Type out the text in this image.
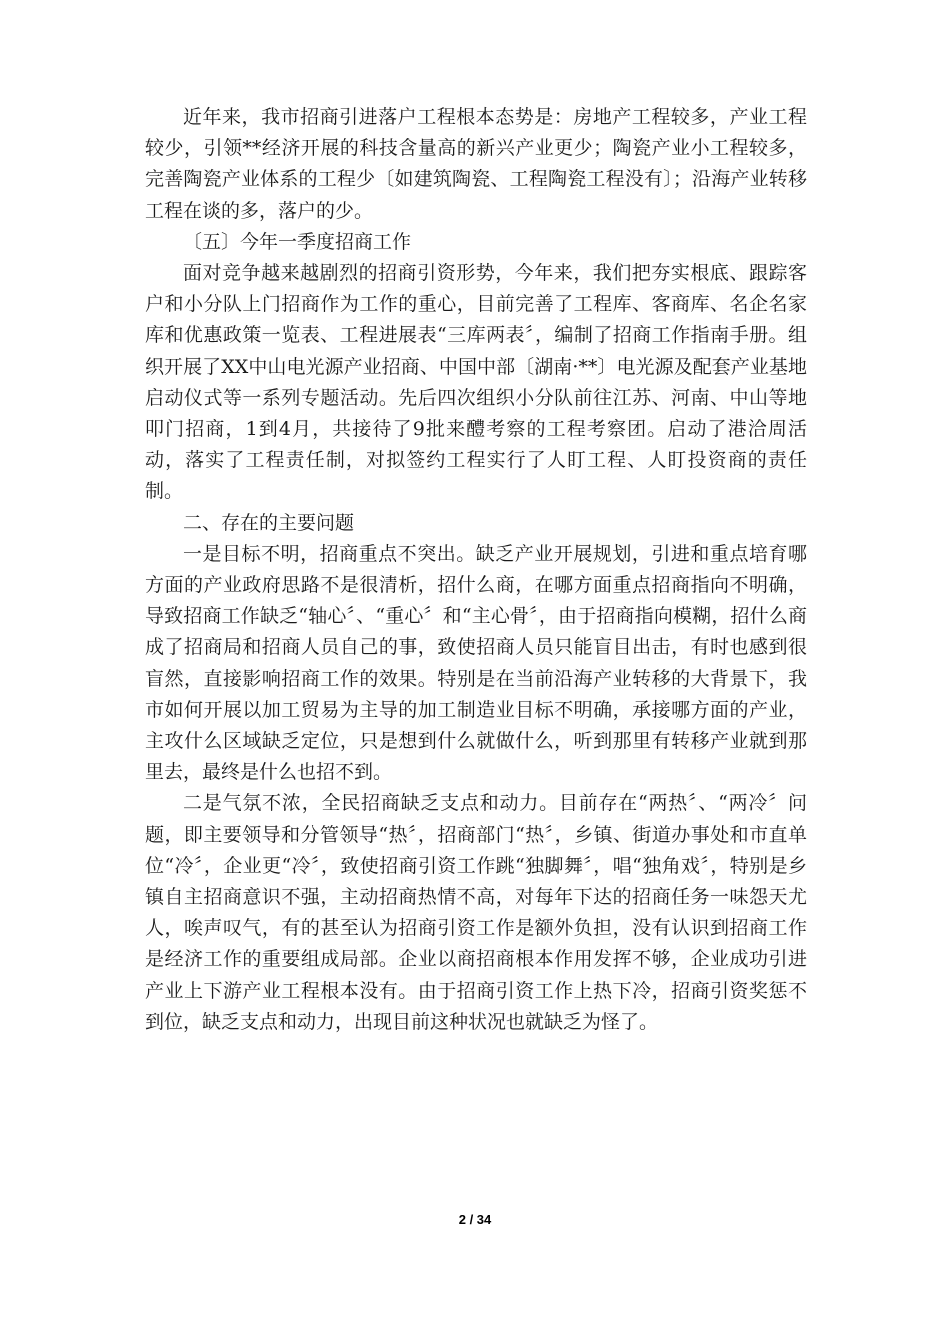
近年来，我市招商引进落户工程根本态势是：房地产工程较多，产业工程较少，引领**经济开展的科技含量高的新兴产业更少；陶瓷产业小工程较多，完善陶瓷产业体系的工程少〔如建筑陶瓷、工程陶瓷工程没有〕；沿海产业转移工程在谈的多，落户的少。

〔五〕今年一季度招商工作

面对竞争越来越剧烈的招商引资形势，今年来，我们把夯实根底、跟踪客户和小分队上门招商作为工作的重心，目前完善了工程库、客商库、名企名家库和优惠政策一览表、工程进展表“三库两表〞，编制了招商工作指南手册。组织开展了XX中山电光源产业招商、中国中部〔湖南·**〕电光源及配套产业基地启动仪式等一系列专题活动。先后四次组织小分队前往江苏、河南、中山等地叩门招商，1到4月，共接待了9批来醴考察的工程考察团。启动了港洽周活动，落实了工程责任制，对拟签约工程实行了人盯工程、人盯投资商的责任制。

二、存在的主要问题

一是目标不明，招商重点不突出。缺乏产业开展规划，引进和重点培育哪方面的产业政府思路不是很清析，招什么商，在哪方面重点招商指向不明确，导致招商工作缺乏“轴心〞、“重心〞和“主心骨〞，由于招商指向模糊，招什么商成了招商局和招商人员自己的事，致使招商人员只能盲目出击，有时也感到很盲然，直接影响招商工作的效果。特别是在当前沿海产业转移的大背景下，我市如何开展以加工贸易为主导的加工制造业目标不明确，承接哪方面的产业，主攻什么区域缺乏定位，只是想到什么就做什么，听到那里有转移产业就到那里去，最终是什么也招不到。

二是气氛不浓，全民招商缺乏支点和动力。目前存在“两热〞、“两冷〞问题，即主要领导和分管领导“热〞，招商部门“热〞，乡镇、街道办事处和市直单位“冷〞，企业更“冷〞，致使招商引资工作跳“独脚舞〞，唱“独角戏〞，特别是乡镇自主招商意识不强，主动招商热情不高，对每年下达的招商任务一味怨天尤人，唉声叹气，有的甚至认为招商引资工作是额外负担，没有认识到招商工作是经济工作的重要组成局部。企业以商招商根本作用发挥不够，企业成功引进产业上下游产业工程根本没有。由于招商引资工作上热下冷，招商引资奖惩不到位，缺乏支点和动力，出现目前这种状况也就缺乏为怪了。

2 / 34
